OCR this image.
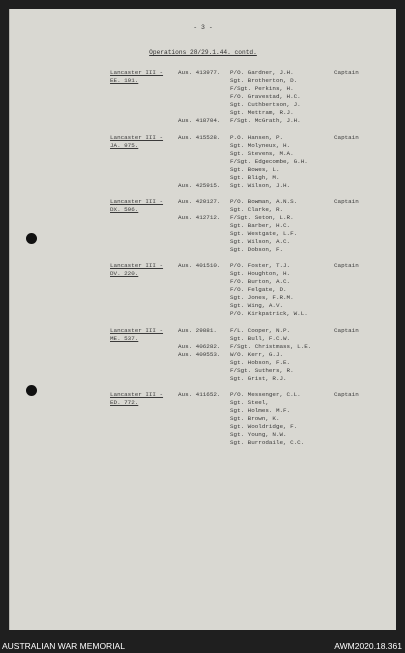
- 3 -
Operations 28/29.1.44. contd.
Lancaster III -
EE. 191.
Aus. 413977. P/O. Gardner, J.H.	Captain
Sgt. Brotherton, D.
F/Sgt. Perkins, H.
F/O. Gravestad, H.C.
Sgt. Cuthbertson, J.
Sgt. Mettram, R.J.
Aus. 418704. F/Sgt. McGrath, J.H.
Lancaster III -
JA. 975.
Aus. 415528. P.O. Hansen, P.	Captain
Sgt. Molyneux, H.
Sgt. Stevens, M.A.
F/Sgt. Edgecombe, G.H.
Sgt. Bowes, L.
Sgt. Bligh, M.
Aus. 425915. Sgt. Wilson, J.H.
Lancaster III -
DX. 596.
Aus. 420127. P/O. Bowman, A.N.S.	Captain
Sgt. Clarke, R.
Aus. 412712. F/Sgt. Seton, L.R.
Sgt. Barber, H.C.
Sgt. Westgate, L.F.
Sgt. Wilson, A.C.
Sgt. Dobson, F.
Lancaster III -
DV. 220.
Aus. 401510. P/O. Foster, T.J.	Captain
Sgt. Houghton, H.
F/O. Burton, A.C.
F/O. Felgate, D.
Sgt. Jones, F.R.M.
Sgt. Wing, A.V.
P/O. Kirkpatrick, W.L.
Lancaster III -
ME. 537.
Aus. 29881. F/L. Cooper, N.P.	Captain
Sgt. Bull, F.C.W.
Aus. 406282. F/Sgt. Christmass, L.E.
Aus. 409553. W/O. Kerr, G.J.
Sgt. Hobson, F.E.
F/Sgt. Suthers, R.
Sgt. Grist, R.J.
Lancaster III -
ED. 772.
Aus. 411652. P/O. Messenger, C.L.	Captain
Sgt. Steel,
Sgt. Holmes. M.F.
Sgt. Brown, K.
Sgt. Wooldridge, F.
Sgt. Young, N.W.
Sgt. Burrodaile, C.C.
AUSTRALIAN WAR MEMORIAL	AWM2020.18.361
